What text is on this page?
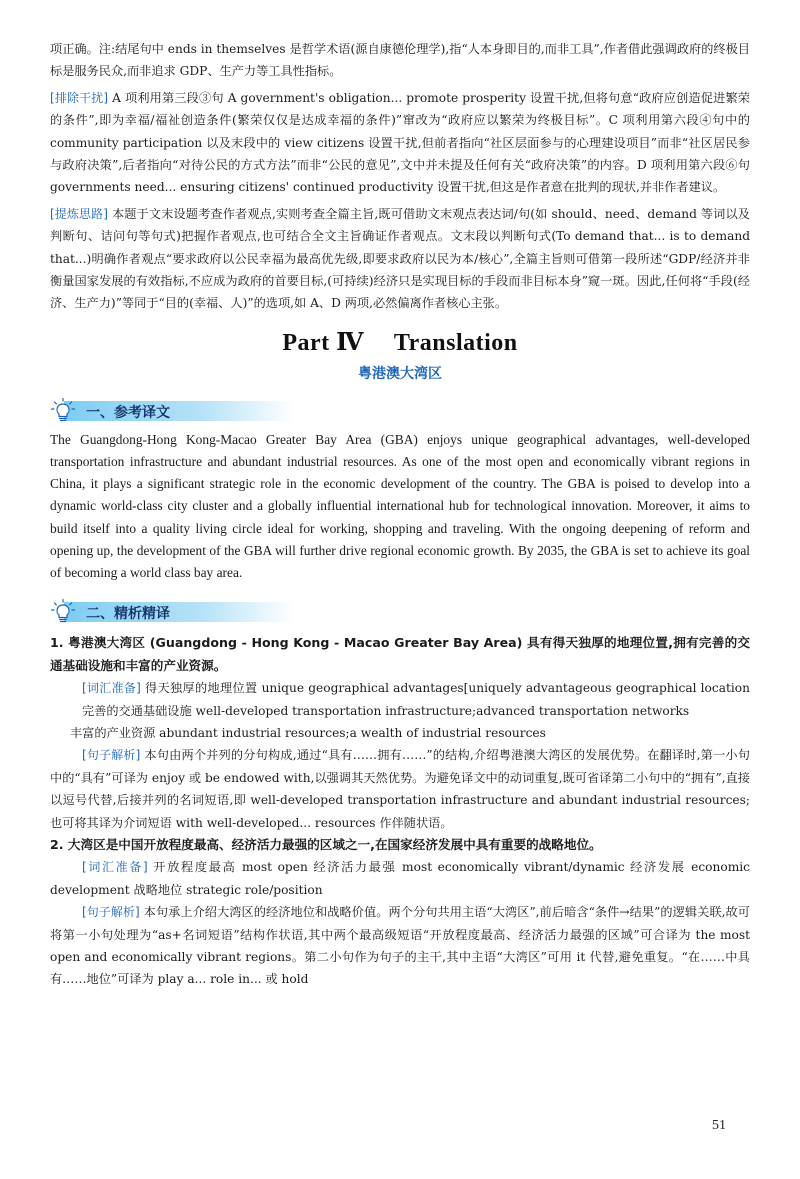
项正确。注:结尾句中 ends in themselves 是哲学术语(源自康德伦理学),指“人本身即目的,而非工具”,作者借此强调政府的终极目标是服务民众,而非追求 GDP、生产力等工具性指标。

[排除干扰] A 项利用第三段③句 A government's obligation... promote prosperity 设置干扰,但将句意“政府应创造促进繁荣的条件”,即为幸福/福祉创造条件(繁荣仅仅是达成幸福的条件)”窜改为“政府应以繁荣为终极目标”。C 项利用第六段④句中的 community participation 以及末段中的 view citizens 设置干扰,但前者指向“社区层面参与的心理建设项目”而非“社区居民参与政府决策”,后者指向“对待公民的方式方法”而非“公民的意见”,文中并未提及任何有关“政府决策”的内容。D 项利用第六段⑥句 governments need... ensuring citizens' continued productivity 设置干扰,但这是作者意在批判的现状,并非作者建议。

[提炼思路] 本题于文末设题考查作者观点,实则考查全篇主旨,既可借助文末观点表达词/句(如 should、need、demand 等词以及判断句、诘问句等句式)把握作者观点,也可结合全文主旨确证作者观点。文末段以判断句式(To demand that... is to demand that...)明确作者观点“要求政府以公民幸福为最高优先级,即要求政府以民为本/核心”,全篇主旨则可借第一段所述“GDP/经济并非衡量国家发展的有效指标,不应成为政府的首要目标,(可持续)经济只是实现目标的手段而非目标本身”窥一斑。因此,任何将“手段(经济、生产力)”等同于“目的(幸福、人)”的选项,如 A、D 两项,必然偏离作者核心主张。

Part Ⅳ Translation
粤港澳大湾区
一、参考译文

The Guangdong-Hong Kong-Macao Greater Bay Area (GBA) enjoys unique geographical advantages, well-developed transportation infrastructure and abundant industrial resources. As one of the most open and economically vibrant regions in China, it plays a significant strategic role in the economic development of the country. The GBA is poised to develop into a dynamic world-class city cluster and a globally influential international hub for technological innovation. Moreover, it aims to build itself into a quality living circle ideal for working, shopping and traveling. With the ongoing deepening of reform and opening up, the development of the GBA will further drive regional economic growth. By 2035, the GBA is set to achieve its goal of becoming a world class bay area.

二、精析精译

1. 粤港澳大湾区 (Guangdong - Hong Kong - Macao Greater Bay Area) 具有得天独厚的地理位置,拥有完善的交通基础设施和丰富的产业资源。

[词汇准备] 得天独厚的地理位置 unique geographical advantages[uniquely advantageous geographical location 完善的交通基础设施 well-developed transportation infrastructure;advanced transportation networks

丰富的产业资源 abundant industrial resources;a wealth of industrial resources

[句子解析] 本句由两个并列的分句构成,通过“具有……拥有……”的结构,介绍粤港澳大湾区的发展优势。在翻译时,第一小句中的“具有”可译为 enjoy 或 be endowed with,以强调其天然优势。为避免译文中的动词重复,既可省译第二小句中的“拥有”,直接以逗号代替,后接并列的名词短语,即 well-developed transportation infrastructure and abundant industrial resources;也可将其译为介词短语 with well-developed... resources 作伴随状语。

2. 大湾区是中国开放程度最高、经济活力最强的区域之一,在国家经济发展中具有重要的战略地位。

[词汇准备] 开放程度最高 most open 经济活力最强 most economically vibrant/dynamic 经济发展 economic development 战略地位 strategic role/position

[句子解析] 本句承上介绍大湾区的经济地位和战略价值。两个分句共用主语“大湾区”,前后暗含“条件→结果”的逻辑关联,故可将第一小句处理为“as+名词短语”结构作状语,其中两个最高级短语“开放程度最高、经济活力最强的区域”可合译为 the most open and economically vibrant regions。第二小句作为句子的主干,其中主语“大湾区”可用 it 代替,避免重复。“在……中具有……地位”可译为 play a... role in... 或 hold

51
